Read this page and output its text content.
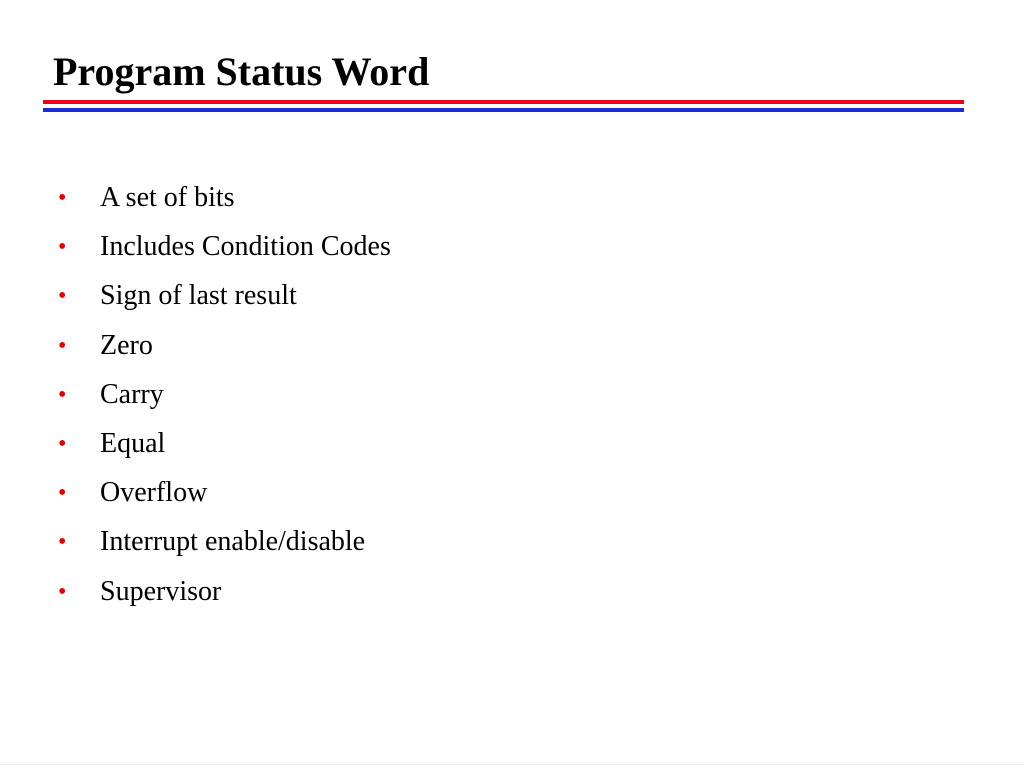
Program Status Word
•	A set of bits
•	Includes Condition Codes
•	Sign of last result
•	Zero
•	Carry
•	Equal
•	Overflow
•	Interrupt enable/disable
•	Supervisor
